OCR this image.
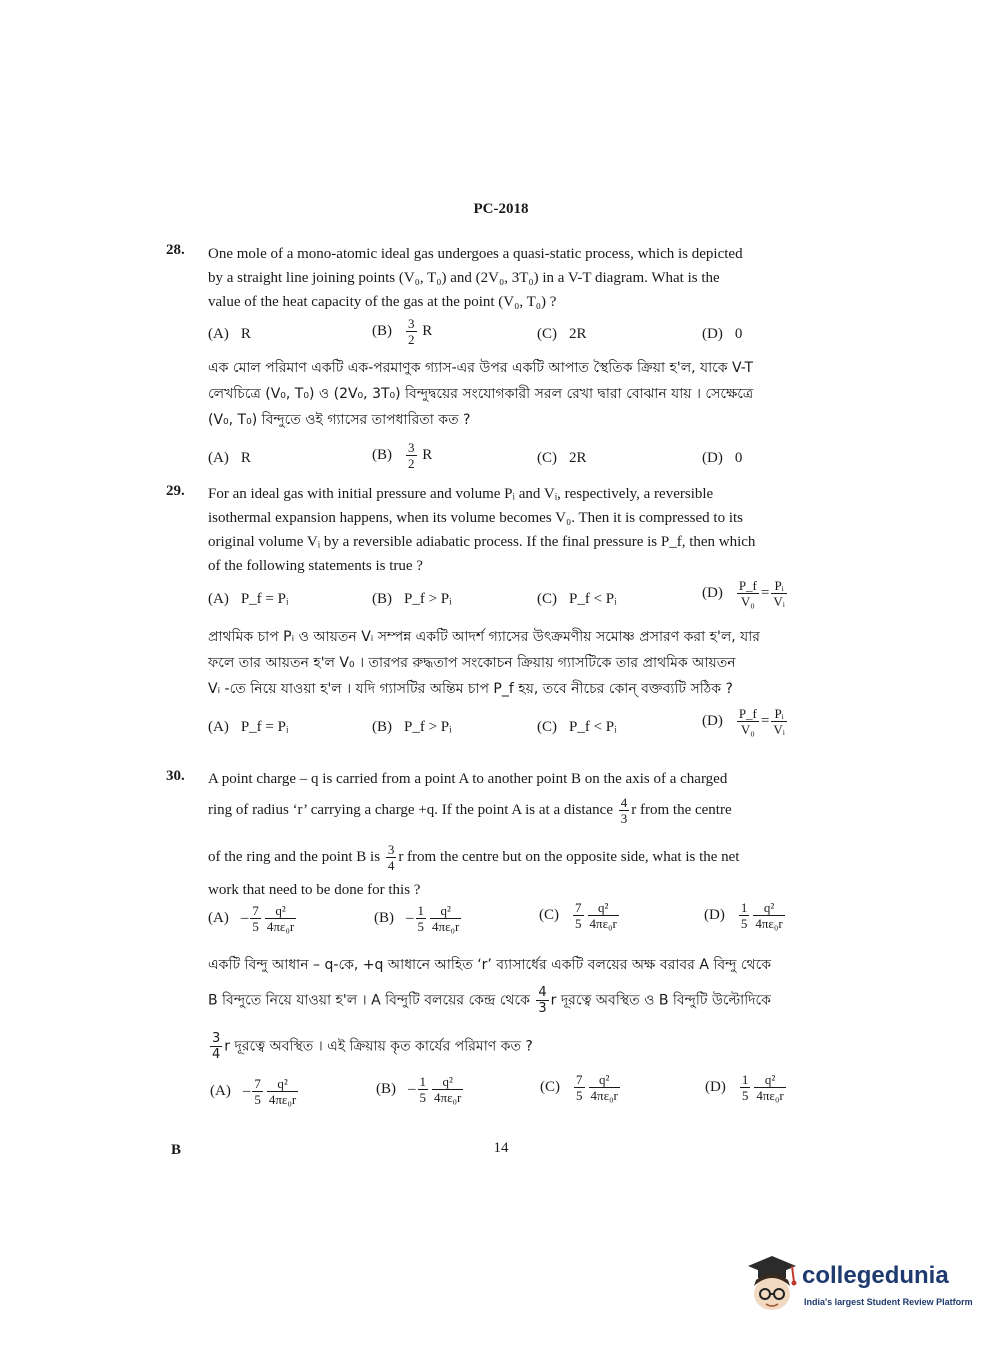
PC-2018
28. One mole of a mono-atomic ideal gas undergoes a quasi-static process, which is depicted
by a straight line joining points (V₀, T₀) and (2V₀, 3T₀) in a V-T diagram. What is the
value of the heat capacity of the gas at the point (V₀, T₀) ?
(A) R	$(B) \frac{3}{2}$ R	(C) 2R	(D) 0
এক মোল পরিমাণ একটি এক-পরমাণুক গ্যাস-এর উপর একটি আপাত স্থৈতিক ক্রিয়া হ'ল, যাকে V-T
লেখচিত্রে (V₀, T₀) ও (2V₀, 3T₀) বিন্দুদ্বয়ের সংযোগকারী সরল রেখা দ্বারা বোঝান যায় । সেক্ষেত্রে
(V₀, T₀) বিন্দুতে ওই গ্যাসের তাপধারিতা কত ?
(A) R	$(B) \frac{3}{2}$ R	(C) 2R	(D) 0
29. For an ideal gas with initial pressure and volume Pᵢ and Vᵢ, respectively, a reversible
isothermal expansion happens, when its volume becomes V₀. Then it is compressed to its
original volume Vᵢ by a reversible adiabatic process. If the final pressure is P_f, then which
of the following statements is true ?
(A) P_f = Pᵢ	(B) P_f > Pᵢ	(C) P_f < Pᵢ	$(D) \frac{P\_f}{\text{V₀}} = \frac{\text{Pᵢ}}{\text{Vᵢ}}$
প্রাথমিক চাপ Pᵢ ও আয়তন Vᵢ সম্পন্ন একটি আদর্শ গ্যাসের উৎক্রমণীয় সমোষ্ণ প্রসারণ করা হ'ল, যার
ফলে তার আয়তন হ'ল V₀ । তারপর রুদ্ধতাপ সংকোচন ক্রিয়ায় গ্যাসটিকে তার প্রাথমিক আয়তন
Vᵢ -তে নিয়ে যাওয়া হ'ল । যদি গ্যাসটির অন্তিম চাপ P_f হয়, তবে নীচের কোন্ বক্তব্যটি সঠিক ?
(A) P_f = Pᵢ	(B) P_f > Pᵢ	(C) P_f < Pᵢ	$(D) \frac{P\_f}{\text{V₀}} = \frac{\text{Pᵢ}}{\text{Vᵢ}}$
30. A point charge – q is carried from a point A to another point B on the axis of a charged
ring of radius ‘r’ carrying a charge +q. If the point A is at a distance $\frac{4}{3}$ r from the centre
of the ring and the point B is $\frac{3}{4}$ r from the centre but on the opposite side, what is the net
work that need to be done for this ?
$(A) - \frac{7}{5} \frac{\text{q²}}{\text{4πε₀r}}$	$(B) - \frac{1}{5} \frac{\text{q²}}{\text{4πε₀r}}$	$(C) \frac{7}{5} \frac{\text{q²}}{\text{4πε₀r}}$	$(D) \frac{1}{5} \frac{\text{q²}}{\text{4πε₀r}}$
একটি বিন্দু আধান – q-কে, +q আধানে আহিত ‘r’ ব্যাসার্ধের একটি বলয়ের অক্ষ বরাবর A বিন্দু থেকে
B বিন্দুতে নিয়ে যাওয়া হ'ল । A বিন্দুটি বলয়ের কেন্দ্র থেকে $\frac{4}{3}$ r দূরত্বে অবস্থিত ও B বিন্দুটি উল্টোদিকে
$\frac{3}{4}$ r দূরত্বে অবস্থিত । এই ক্রিয়ায় কৃত কার্যের পরিমাণ কত ?
$(A) - \frac{7}{5} \frac{\text{q²}}{\text{4πε₀r}}$	$(B) - \frac{1}{5} \frac{\text{q²}}{\text{4πε₀r}}$	$(C) \frac{7}{5} \frac{\text{q²}}{\text{4πε₀r}}$	$(D) \frac{1}{5} \frac{\text{q²}}{\text{4πε₀r}}$
B	14
collegedunia
India's largest Student Review Platform
